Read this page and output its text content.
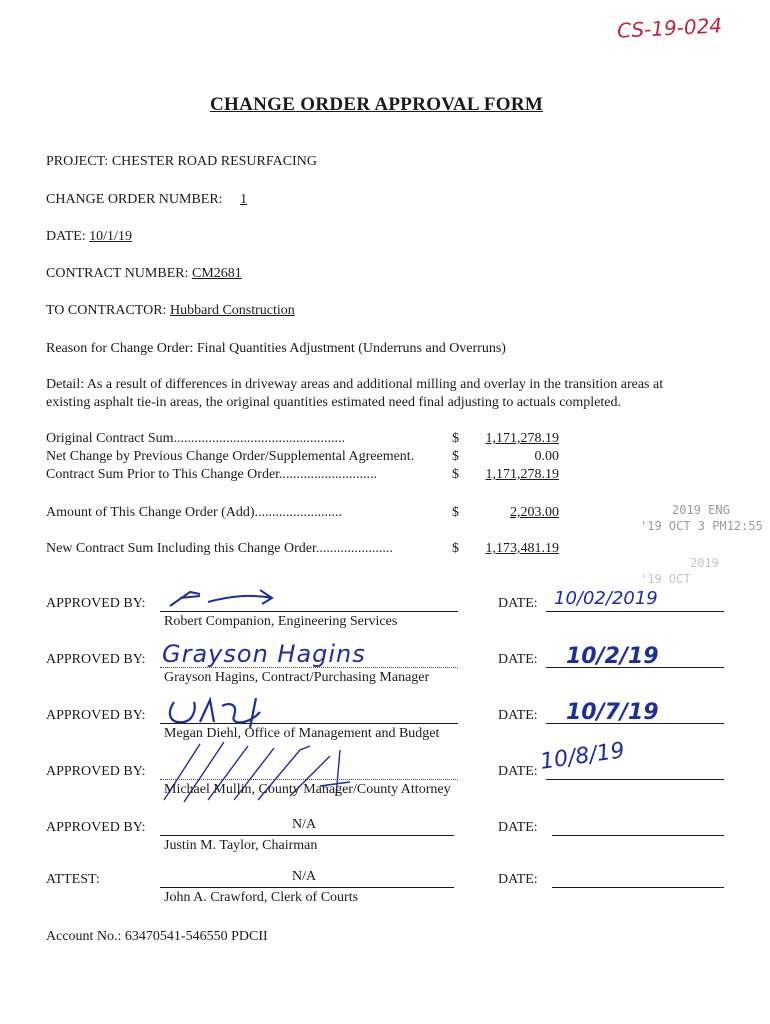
CS-19-024
CHANGE ORDER APPROVAL FORM
PROJECT: CHESTER ROAD RESURFACING
CHANGE ORDER NUMBER: 1
DATE: 10/1/19
CONTRACT NUMBER: CM2681
TO CONTRACTOR: Hubbard Construction
Reason for Change Order: Final Quantities Adjustment (Underruns and Overruns)
Detail: As a result of differences in driveway areas and additional milling and overlay in the transition areas at
existing asphalt tie-in areas, the original quantities estimated need final adjusting to actuals completed.
Original Contract Sum.................................................	$	1,171,278.19
Net Change by Previous Change Order/Supplemental Agreement.	$	0.00
Contract Sum Prior to This Change Order............................	$	1,171,278.19
Amount of This Change Order (Add).........................	$	2,203.00
New Contract Sum Including this Change Order......................	$	1,173,481.19
2019 ENG
'19 OCT 3 PM12:55
2019
'19 OCT
APPROVED BY:
Robert Companion, Engineering Services
DATE: 10/02/2019
APPROVED BY: Grayson Hagins
Grayson Hagins, Contract/Purchasing Manager
DATE: 10/2/19
APPROVED BY:
Megan Diehl, Office of Management and Budget
DATE: 10/7/19
APPROVED BY:
Michael Mullin, County Manager/County Attorney
DATE: 10/8/19
APPROVED BY:	N/A
Justin M. Taylor, Chairman
DATE:
ATTEST:	N/A
John A. Crawford, Clerk of Courts
DATE:
Account No.: 63470541-546550 PDCII
